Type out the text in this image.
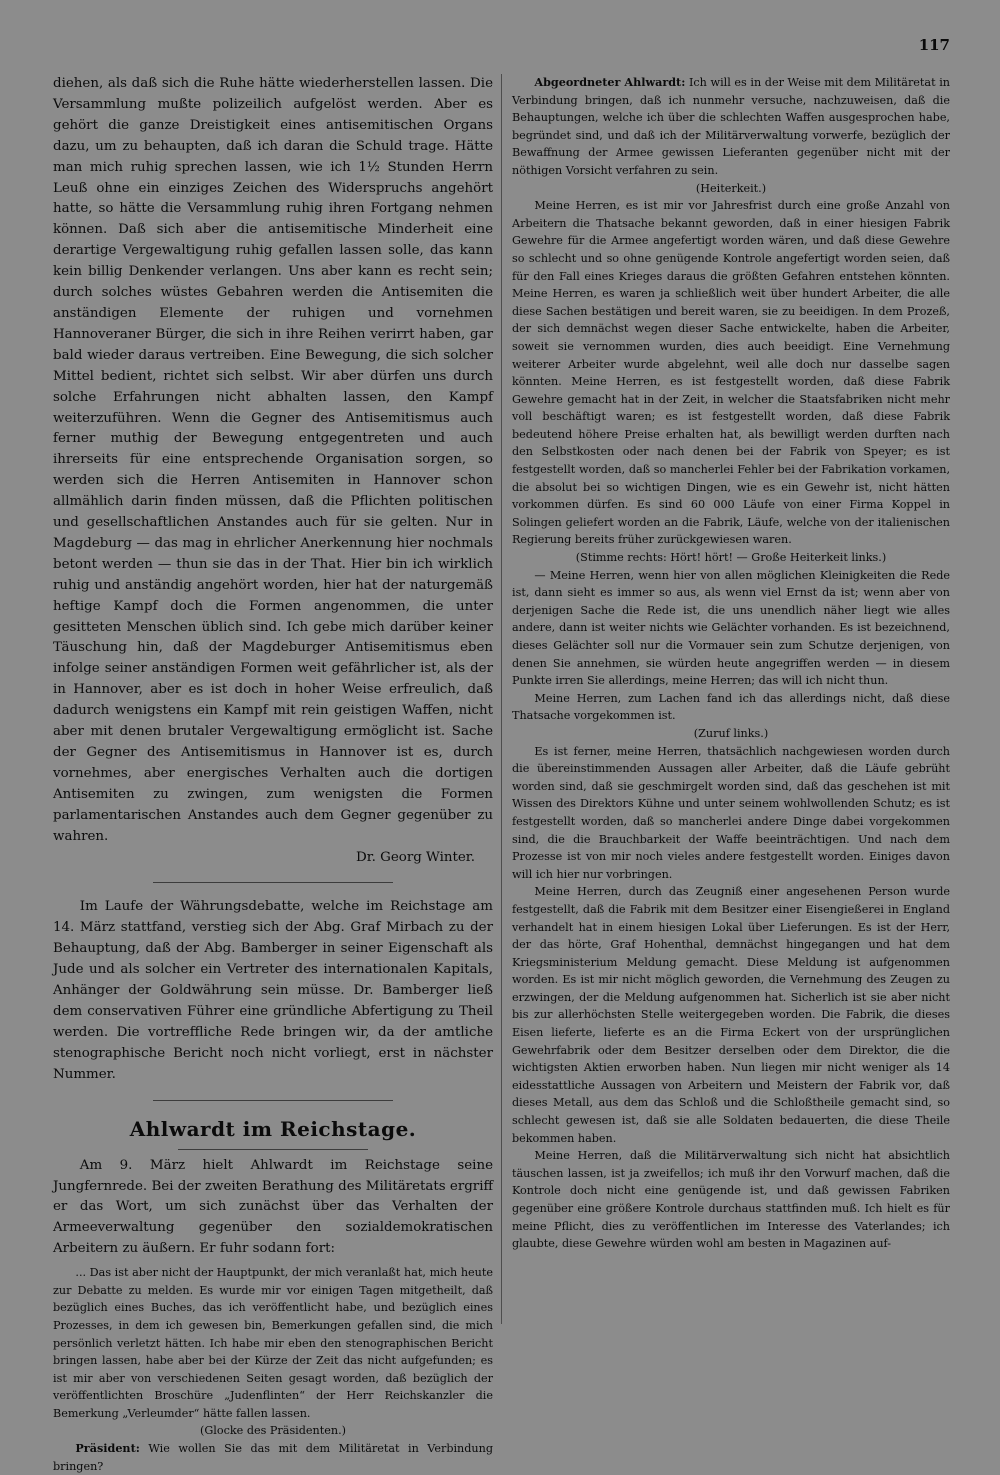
117

diehen, als daß sich die Ruhe hätte wiederherstellen lassen. Die Versammlung mußte polizeilich aufgelöst werden. Aber es gehört die ganze Dreistigkeit eines antisemitischen Organs dazu, um zu behaupten, daß ich daran die Schuld trage. Hätte man mich ruhig sprechen lassen, wie ich 1½ Stunden Herrn Leuß ohne ein einziges Zeichen des Widerspruchs angehört hatte, so hätte die Versammlung ruhig ihren Fortgang nehmen können. Daß sich aber die antisemitische Minderheit eine derartige Vergewaltigung ruhig gefallen lassen solle, das kann kein billig Denkender verlangen. Uns aber kann es recht sein; durch solches wüstes Gebahren werden die Antisemiten die anständigen Elemente der ruhigen und vornehmen Hannoveraner Bürger, die sich in ihre Reihen verirrt haben, gar bald wieder daraus vertreiben. Eine Bewegung, die sich solcher Mittel bedient, richtet sich selbst. Wir aber dürfen uns durch solche Erfahrungen nicht abhalten lassen, den Kampf weiterzuführen. Wenn die Gegner des Antisemitismus auch ferner muthig der Bewegung entgegentreten und auch ihrerseits für eine entsprechende Organisation sorgen, so werden sich die Herren Antisemiten in Hannover schon allmählich darin finden müssen, daß die Pflichten politischen und gesellschaftlichen Anstandes auch für sie gelten. Nur in Magdeburg — das mag in ehrlicher Anerkennung hier nochmals betont werden — thun sie das in der That. Hier bin ich wirklich ruhig und anständig angehört worden, hier hat der naturgemäß heftige Kampf doch die Formen angenommen, die unter gesitteten Menschen üblich sind. Ich gebe mich darüber keiner Täuschung hin, daß der Magdeburger Antisemitismus eben infolge seiner anständigen Formen weit gefährlicher ist, als der in Hannover, aber es ist doch in hoher Weise erfreulich, daß dadurch wenigstens ein Kampf mit rein geistigen Waffen, nicht aber mit denen brutaler Vergewaltigung ermöglicht ist. Sache der Gegner des Antisemitismus in Hannover ist es, durch vornehmes, aber energisches Verhalten auch die dortigen Antisemiten zu zwingen, zum wenigsten die Formen parlamentarischen Anstandes auch dem Gegner gegenüber zu wahren.

Dr. Georg Winter.

Im Laufe der Währungsdebatte, welche im Reichstage am 14. März stattfand, verstieg sich der Abg. Graf Mirbach zu der Behauptung, daß der Abg. Bamberger in seiner Eigenschaft als Jude und als solcher ein Vertreter des internationalen Kapitals, Anhänger der Goldwährung sein müsse. Dr. Bamberger ließ dem conservativen Führer eine gründliche Abfertigung zu Theil werden. Die vortreffliche Rede bringen wir, da der amtliche stenographische Bericht noch nicht vorliegt, erst in nächster Nummer.

Ahlwardt im Reichstage.

Am 9. März hielt Ahlwardt im Reichstage seine Jungfernrede. Bei der zweiten Berathung des Militäretats ergriff er das Wort, um sich zunächst über das Verhalten der Armeeverwaltung gegenüber den sozialdemokratischen Arbeitern zu äußern. Er fuhr sodann fort:

... Das ist aber nicht der Hauptpunkt, der mich veranlaßt hat, mich heute zur Debatte zu melden. Es wurde mir vor einigen Tagen mitgetheilt, daß bezüglich eines Buches, das ich veröffentlicht habe, und bezüglich eines Prozesses, in dem ich gewesen bin, Bemerkungen gefallen sind, die mich persönlich verletzt hätten. Ich habe mir eben den stenographischen Bericht bringen lassen, habe aber bei der Kürze der Zeit das nicht aufgefunden; es ist mir aber von verschiedenen Seiten gesagt worden, daß bezüglich der veröffentlichten Broschüre „Judenflinten“ der Herr Reichskanzler die Bemerkung „Verleumder“ hätte fallen lassen.

(Glocke des Präsidenten.)

Präsident: Wie wollen Sie das mit dem Militäretat in Verbindung bringen?

Abgeordneter Ahlwardt: Ich will es in der Weise mit dem Militäretat in Verbindung bringen, daß ich nunmehr versuche, nachzuweisen, daß die Behauptungen, welche ich über die schlechten Waffen ausgesprochen habe, begründet sind, und daß ich der Militärverwaltung vorwerfe, bezüglich der Bewaffnung der Armee gewissen Lieferanten gegenüber nicht mit der nöthigen Vorsicht verfahren zu sein.

(Heiterkeit.)

Meine Herren, es ist mir vor Jahresfrist durch eine große Anzahl von Arbeitern die Thatsache bekannt geworden, daß in einer hiesigen Fabrik Gewehre für die Armee angefertigt worden wären, und daß diese Gewehre so schlecht und so ohne genügende Kontrole angefertigt worden seien, daß für den Fall eines Krieges daraus die größten Gefahren entstehen könnten. Meine Herren, es waren ja schließlich weit über hundert Arbeiter, die alle diese Sachen bestätigen und bereit waren, sie zu beeidigen. In dem Prozeß, der sich demnächst wegen dieser Sache entwickelte, haben die Arbeiter, soweit sie vernommen wurden, dies auch beeidigt. Eine Vernehmung weiterer Arbeiter wurde abgelehnt, weil alle doch nur dasselbe sagen könnten. Meine Herren, es ist festgestellt worden, daß diese Fabrik Gewehre gemacht hat in der Zeit, in welcher die Staatsfabriken nicht mehr voll beschäftigt waren; es ist festgestellt worden, daß diese Fabrik bedeutend höhere Preise erhalten hat, als bewilligt werden durften nach den Selbstkosten oder nach denen bei der Fabrik von Speyer; es ist festgestellt worden, daß so mancherlei Fehler bei der Fabrikation vorkamen, die absolut bei so wichtigen Dingen, wie es ein Gewehr ist, nicht hätten vorkommen dürfen. Es sind 60 000 Läufe von einer Firma Koppel in Solingen geliefert worden an die Fabrik, Läufe, welche von der italienischen Regierung bereits früher zurückgewiesen waren.

(Stimme rechts: Hört! hört! — Große Heiterkeit links.)

— Meine Herren, wenn hier von allen möglichen Kleinigkeiten die Rede ist, dann sieht es immer so aus, als wenn viel Ernst da ist; wenn aber von derjenigen Sache die Rede ist, die uns unendlich näher liegt wie alles andere, dann ist weiter nichts wie Gelächter vorhanden. Es ist bezeichnend, dieses Gelächter soll nur die Vormauer sein zum Schutze derjenigen, von denen Sie annehmen, sie würden heute angegriffen werden — in diesem Punkte irren Sie allerdings, meine Herren; das will ich nicht thun.

Meine Herren, zum Lachen fand ich das allerdings nicht, daß diese Thatsache vorgekommen ist.

(Zuruf links.)

Es ist ferner, meine Herren, thatsächlich nachgewiesen worden durch die übereinstimmenden Aussagen aller Arbeiter, daß die Läufe gebrüht worden sind, daß sie geschmirgelt worden sind, daß das geschehen ist mit Wissen des Direktors Kühne und unter seinem wohlwollenden Schutz; es ist festgestellt worden, daß so mancherlei andere Dinge dabei vorgekommen sind, die die Brauchbarkeit der Waffe beeinträchtigen. Und nach dem Prozesse ist von mir noch vieles andere festgestellt worden. Einiges davon will ich hier nur vorbringen.

Meine Herren, durch das Zeugniß einer angesehenen Person wurde festgestellt, daß die Fabrik mit dem Besitzer einer Eisengießerei in England verhandelt hat in einem hiesigen Lokal über Lieferungen. Es ist der Herr, der das hörte, Graf Hohenthal, demnächst hingegangen und hat dem Kriegsministerium Meldung gemacht. Diese Meldung ist aufgenommen worden. Es ist mir nicht möglich geworden, die Vernehmung des Zeugen zu erzwingen, der die Meldung aufgenommen hat. Sicherlich ist sie aber nicht bis zur allerhöchsten Stelle weitergegeben worden. Die Fabrik, die dieses Eisen lieferte, lieferte es an die Firma Eckert von der ursprünglichen Gewehrfabrik oder dem Besitzer derselben oder dem Direktor, die die wichtigsten Aktien erworben haben. Nun liegen mir nicht weniger als 14 eidesstattliche Aussagen von Arbeitern und Meistern der Fabrik vor, daß dieses Metall, aus dem das Schloß und die Schloßtheile gemacht sind, so schlecht gewesen ist, daß sie alle Soldaten bedauerten, die diese Theile bekommen haben.

Meine Herren, daß die Militärverwaltung sich nicht hat absichtlich täuschen lassen, ist ja zweifellos; ich muß ihr den Vorwurf machen, daß die Kontrole doch nicht eine genügende ist, und daß gewissen Fabriken gegenüber eine größere Kontrole durchaus stattfinden muß. Ich hielt es für meine Pflicht, dies zu veröffentlichen im Interesse des Vaterlandes; ich glaubte, diese Gewehre würden wohl am besten in Magazinen auf-
